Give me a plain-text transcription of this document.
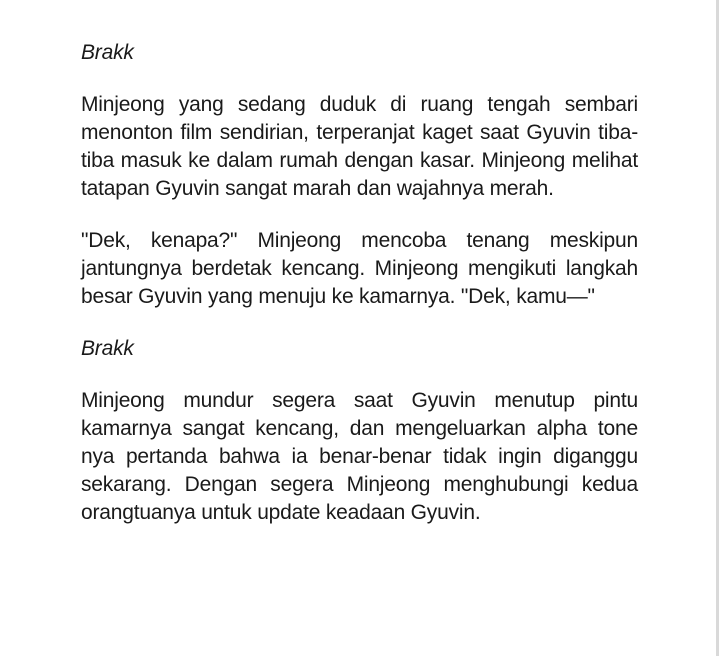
Brakk

Minjeong yang sedang duduk di ruang tengah sembari menonton film sendirian, terperanjat kaget saat Gyuvin tiba-tiba masuk ke dalam rumah dengan kasar. Minjeong melihat tatapan Gyuvin sangat marah dan wajahnya merah.

"Dek, kenapa?" Minjeong mencoba tenang meskipun jantungnya berdetak kencang. Minjeong mengikuti langkah besar Gyuvin yang menuju ke kamarnya. "Dek, kamu—"

Brakk

Minjeong mundur segera saat Gyuvin menutup pintu kamarnya sangat kencang, dan mengeluarkan alpha tone nya pertanda bahwa ia benar-benar tidak ingin diganggu sekarang. Dengan segera Minjeong menghubungi kedua orangtuanya untuk update keadaan Gyuvin.
